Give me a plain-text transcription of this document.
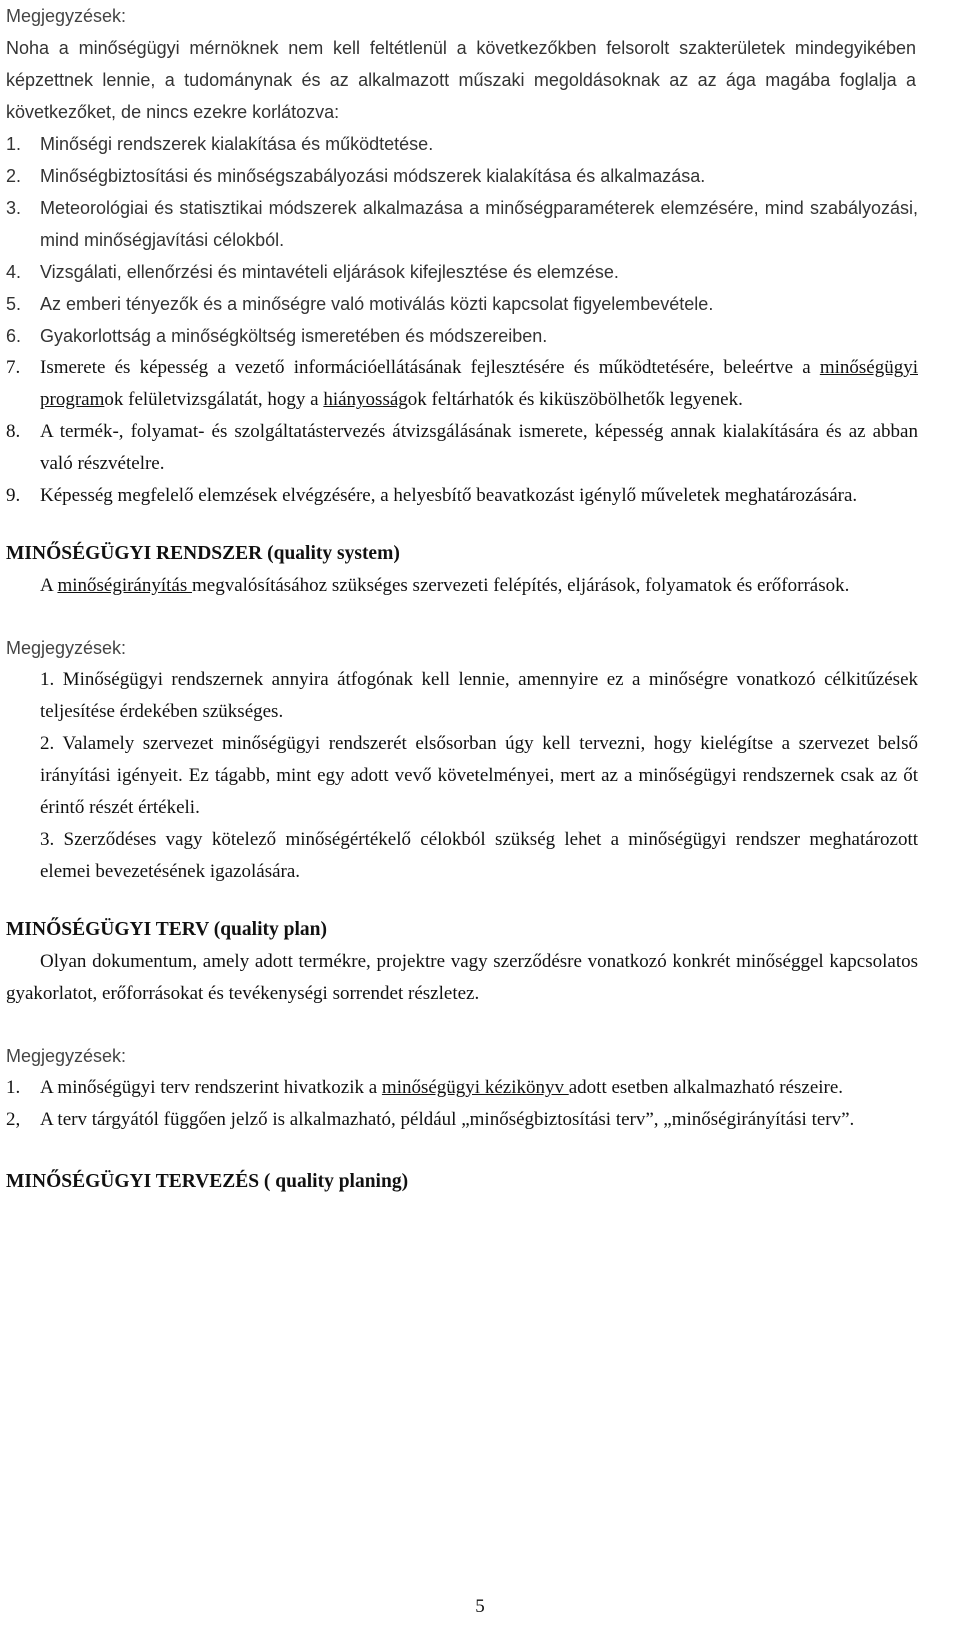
Megjegyzések:

Noha a minőségügyi mérnöknek nem kell feltétlenül a következőkben felsorolt szakterületek mindegyikében képzettnek lennie, a tudománynak és az alkalmazott műszaki megoldásoknak az az ága magába foglalja a következőket, de nincs ezekre korlátozva:

1. Minőségi rendszerek kialakítása és működtetése.
2. Minőségbiztosítási és minőségszabályozási módszerek kialakítása és alkalmazása.
3. Meteorológiai és statisztikai módszerek alkalmazása a minőségparaméterek elemzésére, mind szabályozási, mind minőségjavítási célokból.
4. Vizsgálati, ellenőrzési és mintavételi eljárások kifejlesztése és elemzése.
5. Az emberi tényezők és a minőségre való motiválás közti kapcsolat figyelembevétele.
6. Gyakorlottság a minőségköltség ismeretében és módszereiben.
7. Ismerete és képesség a vezető információellátásának fejlesztésére és működtetésére, beleértve a minőségügyi programok felületvizsgálatát, hogy a hiányosságok feltárhatók és kiküszöbölhetők legyenek.
8. A termék-, folyamat- és szolgáltatástervezés átvizsgálásának ismerete, képesség annak kialakítására és az abban való részvételre.
9. Képesség megfelelő elemzések elvégzésére, a helyesbítő beavatkozást igénylő műveletek meghatározására.
MINŐSÉGÜGYI RENDSZER (quality system)

A minőségirányítás megvalósításához szükséges szervezeti felépítés, eljárások, folyamatok és erőforrások.

Megjegyzések:
1. Minőségügyi rendszernek annyira átfogónak kell lennie, amennyire ez a minőségre vonatkozó célkitűzések teljesítése érdekében szükséges.
2. Valamely szervezet minőségügyi rendszerét elsősorban úgy kell tervezni, hogy kielégítse a szervezet belső irányítási igényeit. Ez tágabb, mint egy adott vevő követelményei, mert az a minőségügyi rendszernek csak az őt érintő részét értékeli.
3. Szerződéses vagy kötelező minőségértékelő célokból szükség lehet a minőségügyi rendszer meghatározott elemei bevezetésének igazolására.
MINŐSÉGÜGYI TERV (quality plan)

Olyan dokumentum, amely adott termékre, projektre vagy szerződésre vonatkozó konkrét minőséggel kapcsolatos gyakorlatot, erőforrásokat és tevékenységi sorrendet részletez.

Megjegyzések:
1. A minőségügyi terv rendszerint hivatkozik a minőségügyi kézikönyv adott esetben alkalmazható részeire.
2, A terv tárgyától függően jelző is alkalmazható, például „minőségbiztosítási terv”, „minőségirányítási terv”.
MINŐSÉGÜGYI TERVEZÉS ( quality planing)
5
